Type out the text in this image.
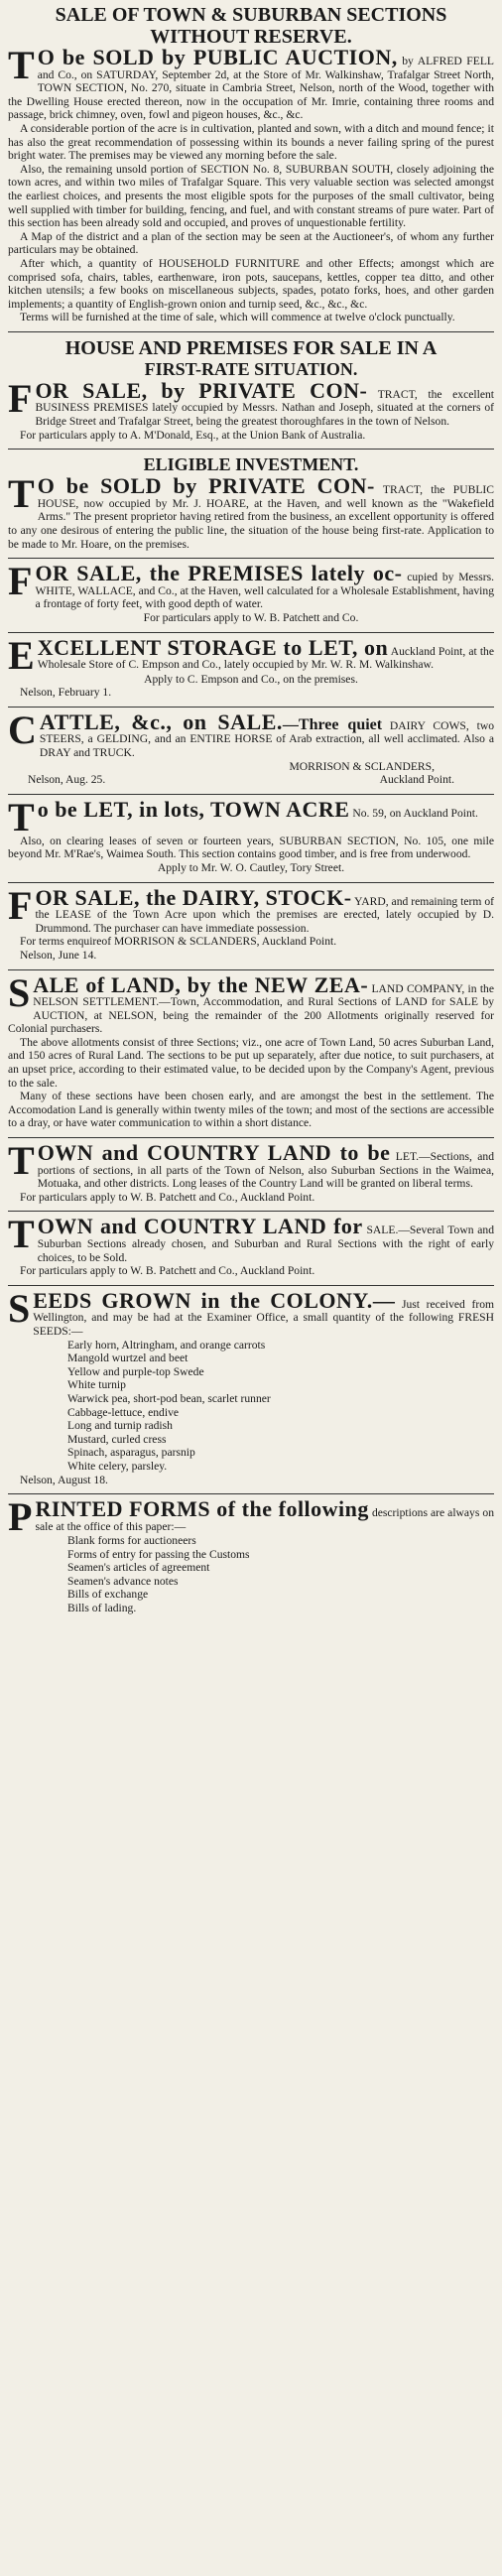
SALE OF TOWN & SUBURBAN SECTIONS WITHOUT RESERVE.

T O be SOLD by PUBLIC AUCTION, by ALFRED FELL and Co., on SATURDAY, September 2d, at the Store of Mr. Walkinshaw, Trafalgar Street North, TOWN SECTION, No. 270, situate in Cambria Street, Nelson, north of the Wood, together with the Dwelling House erected thereon, now in the occupation of Mr. Imrie, containing three rooms and passage, brick chimney, oven, fowl and pigeon houses, &c., &c.

A considerable portion of the acre is in cultivation, planted and sown, with a ditch and mound fence; it has also the great recommendation of possessing within its bounds a never failing spring of the purest bright water. The premises may be viewed any morning before the sale.

Also, the remaining unsold portion of SECTION No. 8, SUBURBAN SOUTH, closely adjoining the town acres, and within two miles of Trafalgar Square. This very valuable section was selected amongst the earliest choices, and presents the most eligible spots for the purposes of the small cultivator, being well supplied with timber for building, fencing, and fuel, and with constant streams of pure water. Part of this section has been already sold and occupied, and proves of unquestionable fertility.

A Map of the district and a plan of the section may be seen at the Auctioneer's, of whom any further particulars may be obtained.

After which, a quantity of HOUSEHOLD FURNITURE and other Effects; amongst which are comprised sofa, chairs, tables, earthenware, iron pots, saucepans, kettles, copper tea ditto, and other kitchen utensils; a few books on miscellaneous subjects, spades, potato forks, hoes, and other garden implements; a quantity of English-grown onion and turnip seed, &c., &c., &c.

Terms will be furnished at the time of sale, which will commence at twelve o'clock punctually.

HOUSE AND PREMISES FOR SALE IN A
FIRST-RATE SITUATION.

FOR SALE, by PRIVATE CON- TRACT, the excellent BUSINESS PREMISES lately occupied by Messrs. Nathan and Joseph, situated at the corners of Bridge Street and Trafalgar Street, being the greatest thoroughfares in the town of Nelson.

For particulars apply to A. M'Donald, Esq., at the Union Bank of Australia.

ELIGIBLE INVESTMENT.

T O be SOLD by PRIVATE CON- TRACT, the PUBLIC HOUSE, now occupied by Mr. J. HOARE, at the Haven, and well known as the "Wakefield Arms." The present proprietor having retired from the business, an excellent opportunity is offered to any one desirous of entering the public line, the situation of the house being first-rate. Application to be made to Mr. Hoare, on the premises.

FOR SALE, the PREMISES lately oc- cupied by Messrs. WHITE, WALLACE, and Co., at the Haven, well calculated for a Wholesale Establishment, having a frontage of forty feet, with good depth of water.

For particulars apply to W. B. Patchett and Co.

EXCELLENT STORAGE to LET, on Auckland Point, at the Wholesale Store of C. Empson and Co., lately occupied by Mr. W. R. M. Walkinshaw.

Apply to C. Empson and Co., on the premises.

Nelson, February 1.

CATTLE, &c., on SALE.—Three quiet DAIRY COWS, two STEERS, a GELDING, and an ENTIRE HORSE of Arab extraction, all well acclimated. Also a DRAY and TRUCK.

MORRISON & SCLANDERS,

Nelson, Aug. 25.	Auckland Point.

To be LET, in lots, TOWN ACRE No. 59, on Auckland Point.

Also, on clearing leases of seven or fourteen years, SUBURBAN SECTION, No. 105, one mile beyond Mr. M'Rae's, Waimea South. This section contains good timber, and is free from underwood.

Apply to Mr. W. O. Cautley, Tory Street.

FOR SALE, the DAIRY, STOCK- YARD, and remaining term of the LEASE of the Town Acre upon which the premises are erected, lately occupied by D. Drummond. The purchaser can have immediate possession.

For terms enquireof MORRISON & SCLANDERS, Auckland Point.

Nelson, June 14.

SALE of LAND, by the NEW ZEA- LAND COMPANY, in the NELSON SETTLEMENT.—Town, Accommodation, and Rural Sections of LAND for SALE by AUCTION, at NELSON, being the remainder of the 200 Allotments originally reserved for Colonial purchasers.

The above allotments consist of three Sections; viz., one acre of Town Land, 50 acres Suburban Land, and 150 acres of Rural Land. The sections to be put up separately, after due notice, to suit purchasers, at an upset price, according to their estimated value, to be decided upon by the Company's Agent, previous to the sale.

Many of these sections have been chosen early, and are amongst the best in the settlement. The Accomodation Land is generally within twenty miles of the town; and most of the sections are accessible to a dray, or have water communication to within a short distance.

TOWN and COUNTRY LAND to be LET.—Sections, and portions of sections, in all parts of the Town of Nelson, also Suburban Sections in the Waimea, Motuaka, and other districts. Long leases of the Country Land will be granted on liberal terms.

For particulars apply to W. B. Patchett and Co., Auckland Point.

TOWN and COUNTRY LAND for SALE.—Several Town and Suburban Sections already chosen, and Suburban and Rural Sections with the right of early choices, to be Sold.

For particulars apply to W. B. Patchett and Co., Auckland Point.

SEEDS GROWN in the COLONY.— Just received from Wellington, and may be had at the Examiner Office, a small quantity of the following FRESH SEEDS:—

Early horn, Altringham, and orange carrots
Mangold wurtzel and beet
Yellow and purple-top Swede
White turnip
Warwick pea, short-pod bean, scarlet runner
Cabbage-lettuce, endive
Long and turnip radish
Mustard, curled cress
Spinach, asparagus, parsnip
White celery, parsley.

Nelson, August 18.

PRINTED FORMS of the following descriptions are always on sale at the office of this paper:—

Blank forms for auctioneers
Forms of entry for passing the Customs
Seamen's articles of agreement
Seamen's advance notes
Bills of exchange
Bills of lading.
